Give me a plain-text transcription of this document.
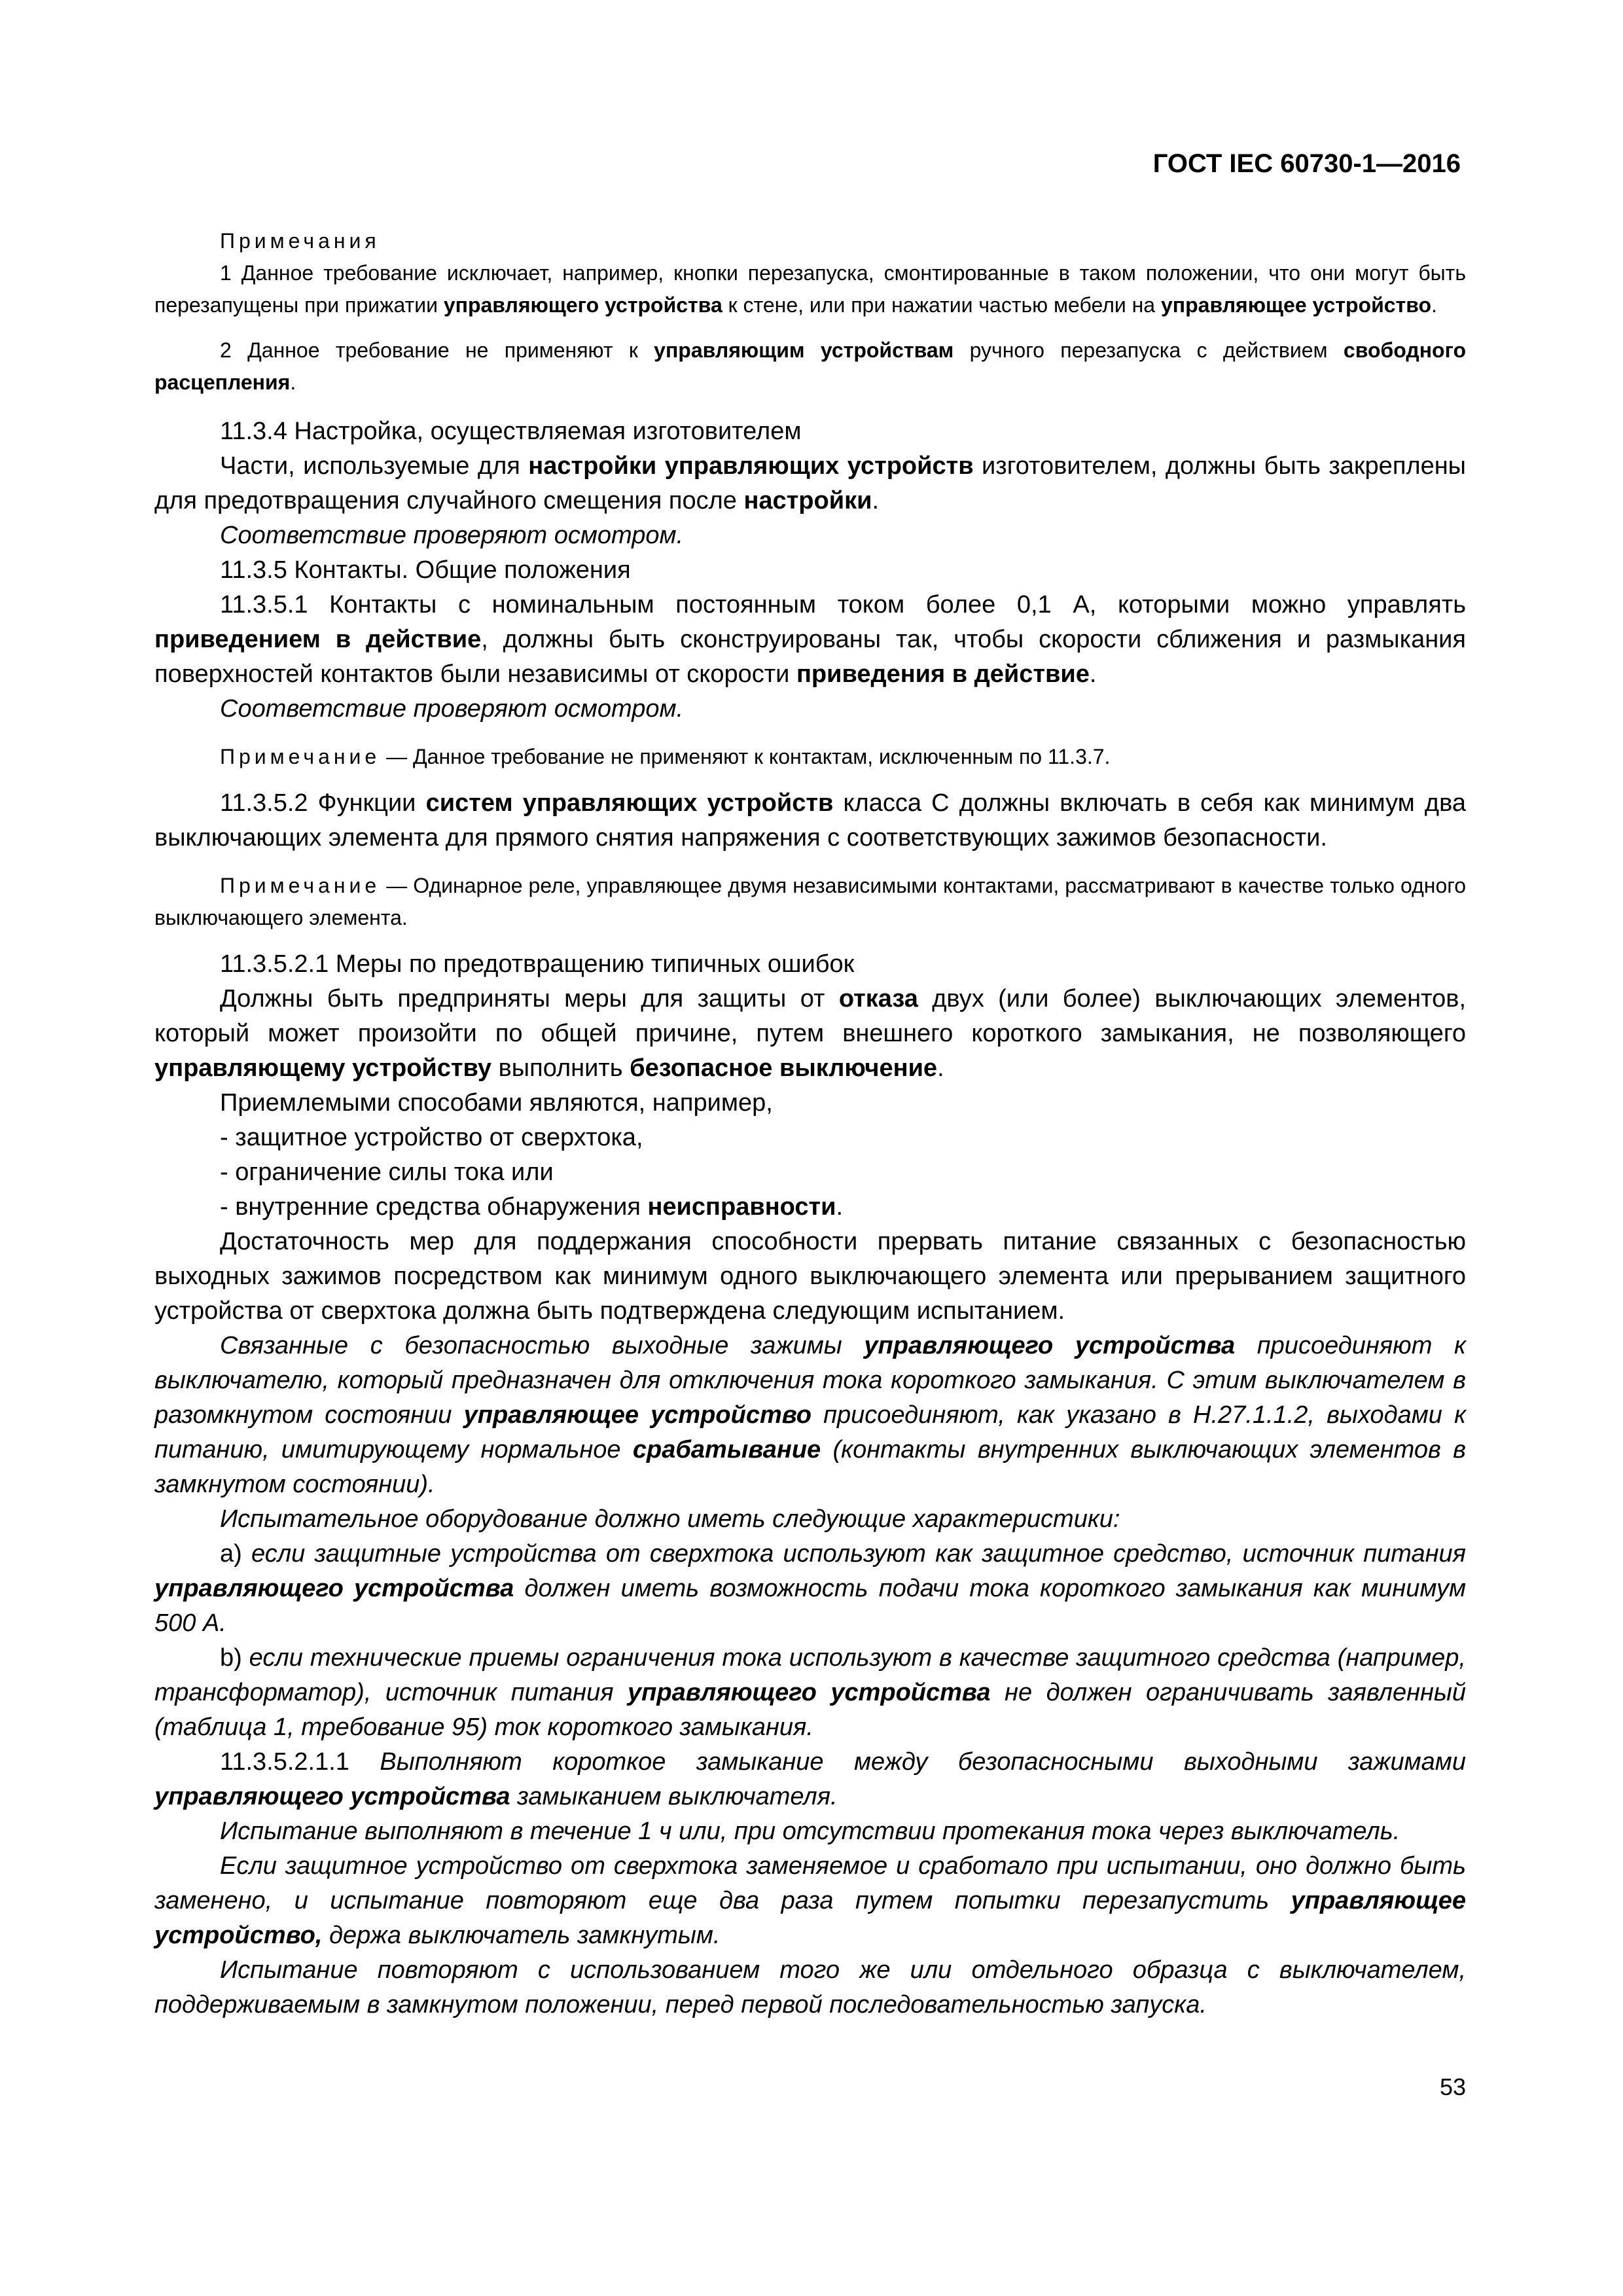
ГОСТ IEC 60730-1—2016

Примечания

1 Данное требование исключает, например, кнопки перезапуска, смонтированные в таком положении, что они могут быть перезапущены при прижатии управляющего устройства к стене, или при нажатии частью мебели на управляющее устройство.

2 Данное требование не применяют к управляющим устройствам ручного перезапуска с действием свободного расцепления.

11.3.4 Настройка, осуществляемая изготовителем

Части, используемые для настройки управляющих устройств изготовителем, должны быть закреплены для предотвращения случайного смещения после настройки.

Соответствие проверяют осмотром.

11.3.5 Контакты. Общие положения

11.3.5.1 Контакты с номинальным постоянным током более 0,1 А, которыми можно управлять приведением в действие, должны быть сконструированы так, чтобы скорости сближения и размыкания поверхностей контактов были независимы от скорости приведения в действие.

Соответствие проверяют осмотром.

Примечание — Данное требование не применяют к контактам, исключенным по 11.3.7.

11.3.5.2 Функции систем управляющих устройств класса С должны включать в себя как минимум два выключающих элемента для прямого снятия напряжения с соответствующих зажимов безопасности.

Примечание — Одинарное реле, управляющее двумя независимыми контактами, рассматривают в качестве только одного выключающего элемента.

11.3.5.2.1 Меры по предотвращению типичных ошибок

Должны быть предприняты меры для защиты от отказа двух (или более) выключающих элементов, который может произойти по общей причине, путем внешнего короткого замыкания, не позволяющего управляющему устройству выполнить безопасное выключение.

Приемлемыми способами являются, например,

- защитное устройство от сверхтока,

- ограничение силы тока или

- внутренние средства обнаружения неисправности.

Достаточность мер для поддержания способности прервать питание связанных с безопасностью выходных зажимов посредством как минимум одного выключающего элемента или прерыванием защитного устройства от сверхтока должна быть подтверждена следующим испытанием.

Связанные с безопасностью выходные зажимы управляющего устройства присоединяют к выключателю, который предназначен для отключения тока короткого замыкания. С этим выключателем в разомкнутом состоянии управляющее устройство присоединяют, как указано в H.27.1.1.2, выходами к питанию, имитирующему нормальное срабатывание (контакты внутренних выключающих элементов в замкнутом состоянии).

Испытательное оборудование должно иметь следующие характеристики:

а) если защитные устройства от сверхтока используют как защитное средство, источник питания управляющего устройства должен иметь возможность подачи тока короткого замыкания как минимум 500 А.

b) если технические приемы ограничения тока используют в качестве защитного средства (например, трансформатор), источник питания управляющего устройства не должен ограничивать заявленный (таблица 1, требование 95) ток короткого замыкания.

11.3.5.2.1.1 Выполняют короткое замыкание между безопасносными выходными зажимами управляющего устройства замыканием выключателя.

Испытание выполняют в течение 1 ч или, при отсутствии протекания тока через выключатель.

Если защитное устройство от сверхтока заменяемое и сработало при испытании, оно должно быть заменено, и испытание повторяют еще два раза путем попытки перезапустить управляющее устройство, держа выключатель замкнутым.

Испытание повторяют с использованием того же или отдельного образца с выключателем, поддерживаемым в замкнутом положении, перед первой последовательностью запуска.

53
